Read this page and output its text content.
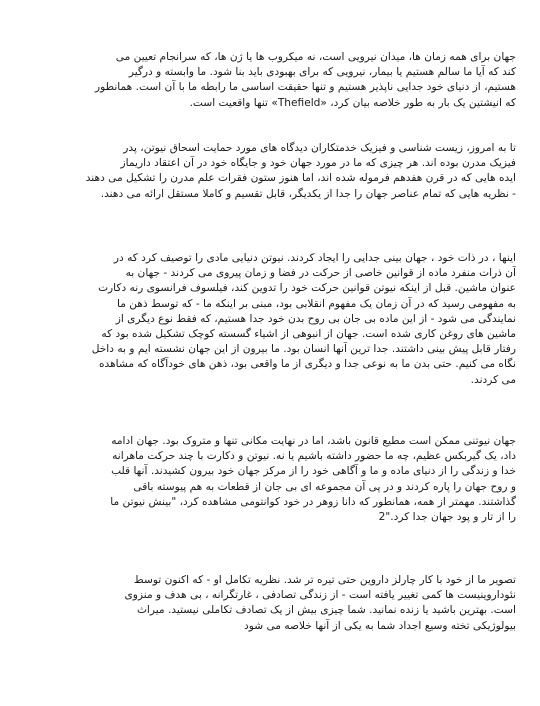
جهان برای همه زمان ها، میدان نیرویی است، نه میکروب ها یا ژن ها، که سرانجام تعیین می
کند که آیا ما سالم هستیم یا بیمار، نیرویی که برای بهبودی باید بنا شود. ما وابسته و درگیر
هستیم، از دنیای خود جدایی ناپذیر هستیم و تنها حقیقت اساسی ما رابطه ما با آن است. همانطور
که انیشتین یک بار به طور خلاصه بیان کرد، «Thefield» تنها واقعیت است.
تا به امروز، زیست شناسی و فیزیک خدمتکاران دیدگاه های مورد حمایت اسحاق نیوتن، پدر
فیزیک مدرن بوده اند. هر چیزی که ما در مورد جهان خود و جایگاه خود در آن اعتقاد داریماز
ایده هایی که در قرن هفدهم فرموله شده اند، اما هنوز ستون فقرات علم مدرن را تشکیل می دهند
- نظریه هایی که تمام عناصر جهان را جدا از یکدیگر، قابل تقسیم و کاملا مستقل ارائه می دهند.
اینها ، در ذات خود ، جهان بینی جدایی را ایجاد کردند. نیوتن دنیایی مادی را توصیف کرد که در
آن ذرات منفرد ماده از قوانین خاصی از حرکت در فضا و زمان پیروی می کردند - جهان به
عنوان ماشین. قبل از اینکه نیوتن قوانین حرکت خود را تدوین کند، فیلسوف فرانسوی رنه دکارت
به مفهومی رسید که در آن زمان یک مفهوم انقلابی بود، مبنی بر اینکه ما - که توسط ذهن ما
نمایندگی می شود - از این ماده بی جان بی روح بدن خود جدا هستیم، که فقط نوع دیگری از
ماشین های روغن کاری شده است. جهان از انبوهی از اشیاء گسسته کوچک تشکیل شده بود که
رفتار قابل پیش بینی داشتند. جدا ترین آنها انسان بود. ما بیرون از این جهان نشسته ایم و به داخل
نگاه می کنیم. حتی بدن ما به نوعی جدا و دیگری از ما واقعی بود، ذهن های خودآگاه که مشاهده
می کردند.
جهان نیوتنی ممکن است مطیع قانون باشد، اما در نهایت مکانی تنها و متروک بود. جهان ادامه
داد، یک گیربکس عظیم، چه ما حضور داشته باشیم یا نه. نیوتن و دکارت با چند حرکت ماهرانه
خدا و زندگی را از دنیای ماده و ما و آگاهی خود را از مرکز جهان خود بیرون کشیدند. آنها قلب
و روح جهان را پاره کردند و در پی آن مجموعه ای بی جان از قطعات به هم پیوسته باقی
گذاشتند. مهمتر از همه، همانطور که دانا زوهر در خود کوانتومی مشاهده کرد، "بینش نیوتن ما
را از تار و پود جهان جدا کرد."2
تصویر ما از خود با کار چارلز داروین حتی تیره تر شد. نظریه تکامل او - که اکنون توسط
نئوداروینیست ها کمی تغییر یافته است - از زندگی تصادفی ، غارتگرانه ، بی هدف و منزوی
است. بهترین باشید یا زنده نمانید. شما چیزی بیش از یک تصادف تکاملی نیستید. میراث
بیولوژیکی تخته وسیع اجداد شما به یکی از آنها خلاصه می شود
